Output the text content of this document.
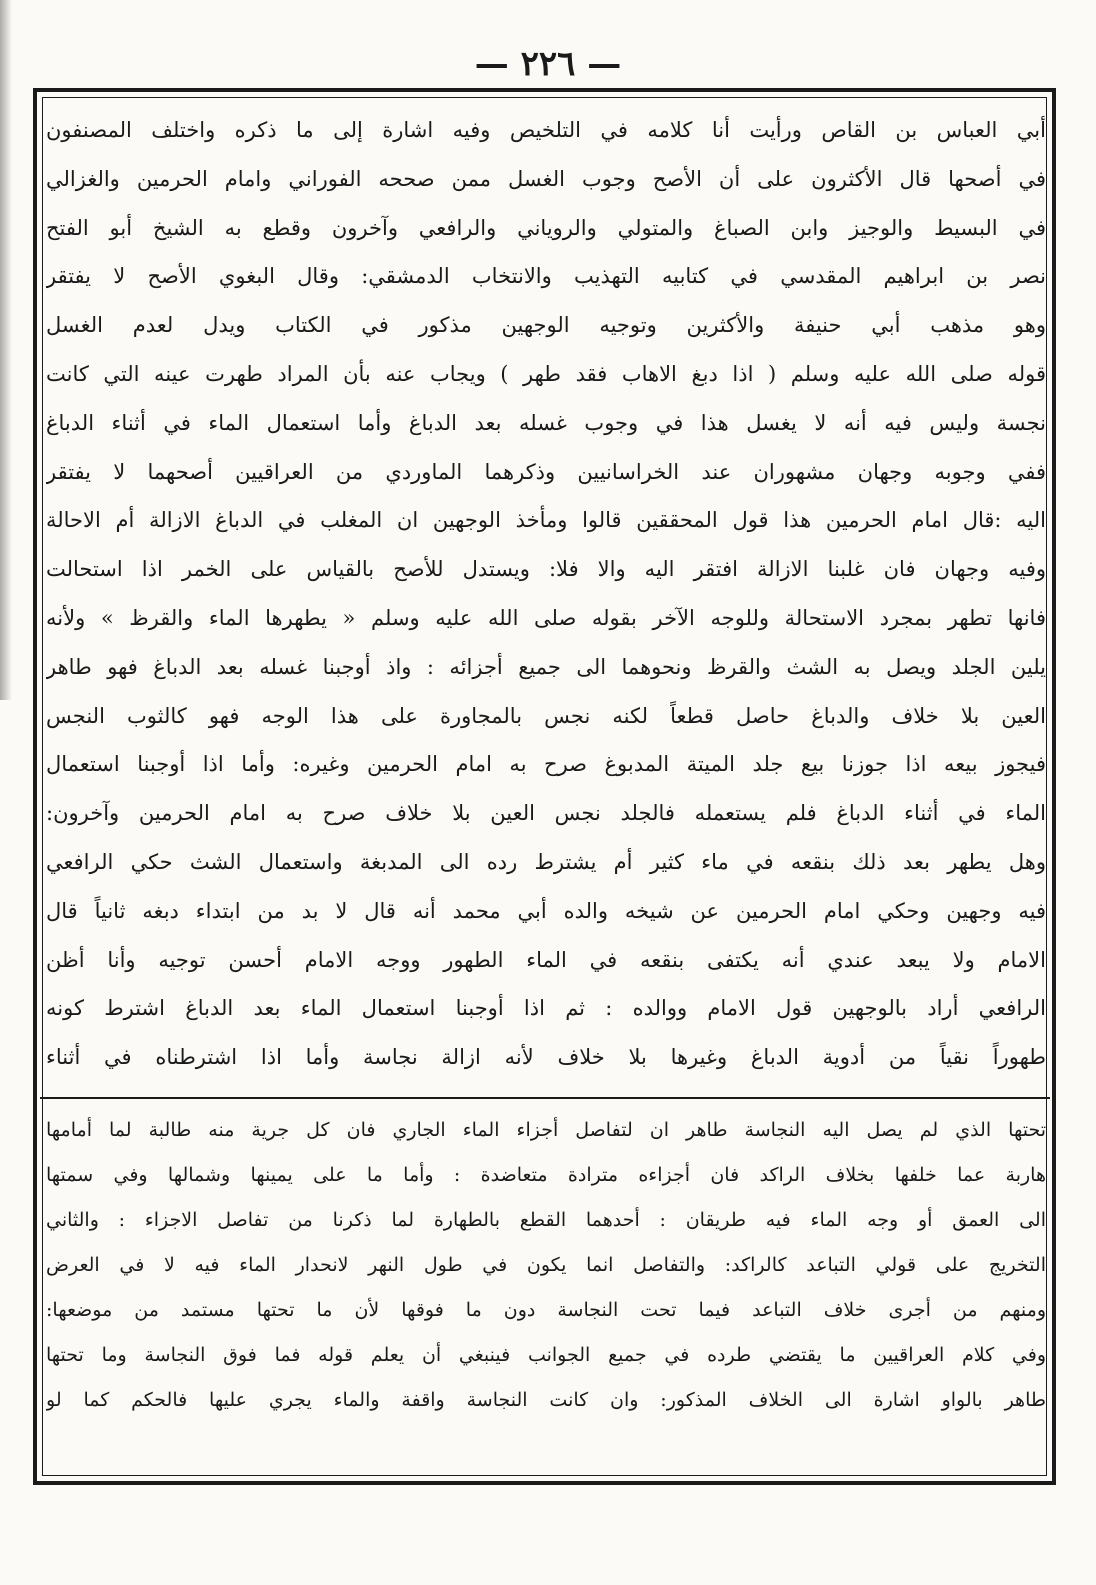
— ٢٢٦ —
أبي العباس بن القاص ورأيت أنا كلامه في التلخيص وفيه اشارة إلى ما ذكره واختلف المصنفون
في أصحها قال الأكثرون على أن الأصح وجوب الغسل ممن صححه الفوراني وامام الحرمين والغزالي
في البسيط والوجيز وابن الصباغ والمتولي والروياني والرافعي وآخرون وقطع به الشيخ أبو الفتح
نصر بن ابراهيم المقدسي في كتابيه التهذيب والانتخاب الدمشقي: وقال البغوي الأصح لا يفتقر
وهو مذهب أبي حنيفة والأكثرين وتوجيه الوجهين مذكور في الكتاب ويدل لعدم الغسل
قوله صلى الله عليه وسلم ( اذا دبغ الاهاب فقد طهر ) ويجاب عنه بأن المراد طهرت عينه التي كانت
نجسة وليس فيه أنه لا يغسل هذا في وجوب غسله بعد الدباغ وأما استعمال الماء في أثناء الدباغ
ففي وجوبه وجهان مشهوران عند الخراسانيين وذكرهما الماوردي من العراقيين أصحهما لا يفتقر
اليه :قال امام الحرمين هذا قول المحققين قالوا ومأخذ الوجهين ان المغلب في الدباغ الازالة أم الاحالة
وفيه وجهان فان غلبنا الازالة افتقر اليه والا فلا: ويستدل للأصح بالقياس على الخمر اذا استحالت
فانها تطهر بمجرد الاستحالة وللوجه الآخر بقوله صلى الله عليه وسلم « يطهرها الماء والقرظ » ولأنه
يلين الجلد ويصل به الشث والقرظ ونحوهما الى جميع أجزائه : واذ أوجبنا غسله بعد الدباغ فهو طاهر
العين بلا خلاف والدباغ حاصل قطعاً لكنه نجس بالمجاورة على هذا الوجه فهو كالثوب النجس
فيجوز بيعه اذا جوزنا بيع جلد الميتة المدبوغ صرح به امام الحرمين وغيره: وأما اذا أوجبنا استعمال
الماء في أثناء الدباغ فلم يستعمله فالجلد نجس العين بلا خلاف صرح به امام الحرمين وآخرون:
وهل يطهر بعد ذلك بنقعه في ماء كثير أم يشترط رده الى المدبغة واستعمال الشث حكي الرافعي
فيه وجهين وحكي امام الحرمين عن شيخه والده أبي محمد أنه قال لا بد من ابتداء دبغه ثانياً قال
الامام ولا يبعد عندي أنه يكتفى بنقعه في الماء الطهور ووجه الامام أحسن توجيه وأنا أظن
الرافعي أراد بالوجهين قول الامام ووالده : ثم اذا أوجبنا استعمال الماء بعد الدباغ اشترط كونه
طهوراً نقياً من أدوية الدباغ وغيرها بلا خلاف لأنه ازالة نجاسة وأما اذا اشترطناه في أثناء
تحتها الذي لم يصل اليه النجاسة طاهر ان لتفاصل أجزاء الماء الجاري فان كل جرية منه طالبة لما أمامها
هاربة عما خلفها بخلاف الراكد فان أجزاءه مترادة متعاضدة : وأما ما على يمينها وشمالها وفي سمتها
الى العمق أو وجه الماء فيه طريقان : أحدهما القطع بالطهارة لما ذكرنا من تفاصل الاجزاء : والثاني
التخريج على قولي التباعد كالراكد: والتفاصل انما يكون في طول النهر لانحدار الماء فيه لا في العرض
ومنهم من أجرى خلاف التباعد فيما تحت النجاسة دون ما فوقها لأن ما تحتها مستمد من موضعها:
وفي كلام العراقيين ما يقتضي طرده في جميع الجوانب فينبغي أن يعلم قوله فما فوق النجاسة وما تحتها
طاهر بالواو اشارة الى الخلاف المذكور: وان كانت النجاسة واقفة والماء يجري عليها فالحكم كما لو
